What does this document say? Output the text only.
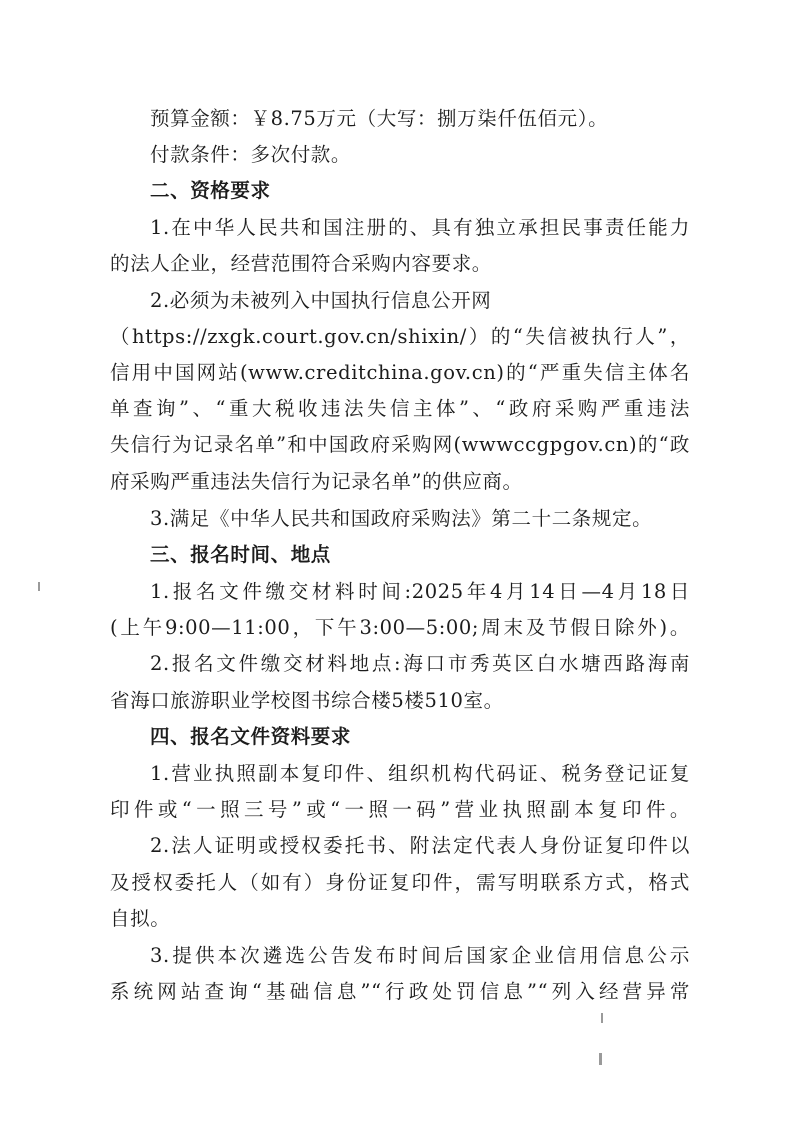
预算金额：￥8.75万元（大写：捌万柒仟伍佰元）。
付款条件：多次付款。
二、资格要求
1.在中华人民共和国注册的、具有独立承担民事责任能力
的法人企业，经营范围符合采购内容要求。
2.必须为未被列入中国执行信息公开网
（https://zxgk.court.gov.cn/shixin/）的“失信被执行人”，
信用中国网站(www.creditchina.gov.cn)的“严重失信主体名
单查询”、“重大税收违法失信主体”、“政府采购严重违法
失信行为记录名单”和中国政府采购网(wwwccgpgov.cn)的“政
府采购严重违法失信行为记录名单”的供应商。
3.满足《中华人民共和国政府采购法》第二十二条规定。
三、报名时间、地点
1.报名文件缴交材料时间:2025年4月14日—4月18日
(上午9:00—11:00，下午3:00—5:00;周末及节假日除外)。
2.报名文件缴交材料地点:海口市秀英区白水塘西路海南
省海口旅游职业学校图书综合楼5楼510室。
四、报名文件资料要求
1.营业执照副本复印件、组织机构代码证、税务登记证复
印件或“一照三号”或“一照一码”营业执照副本复印件。
2.法人证明或授权委托书、附法定代表人身份证复印件以
及授权委托人（如有）身份证复印件，需写明联系方式，格式
自拟。
3.提供本次遴选公告发布时间后国家企业信用信息公示
系统网站查询“基础信息”“行政处罚信息”“列入经营异常
